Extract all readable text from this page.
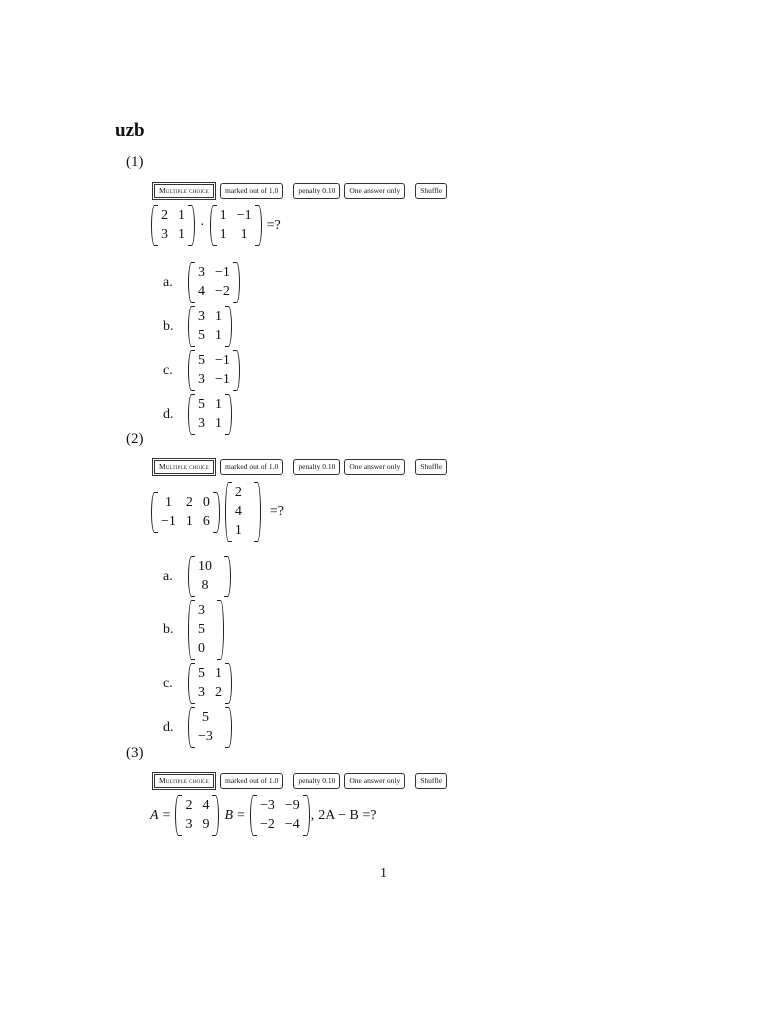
uzb
(1)
Multiple choice	marked out of 1.0	penalty 0.10	One answer only	Shuffle
2 1
3 1
·
1 −1
1 1
=?
a.
3 −1
4 −2
b.
3 1
5 1
c.
5 −1
3 −1
d.
5 1
3 1
(2)
Multiple choice	marked out of 1.0	penalty 0.10	One answer only	Shuffle
1 2 0
−1 1 6
2
4
1
=?
a.
10
8
b.
3
5
0
c.
5 1
3 2
d.
5
−3
(3)
Multiple choice	marked out of 1.0	penalty 0.10	One answer only	Shuffle
A =
2 4
3 9
B =
−3 −9
−2 −4
, 2A − B =?
1
